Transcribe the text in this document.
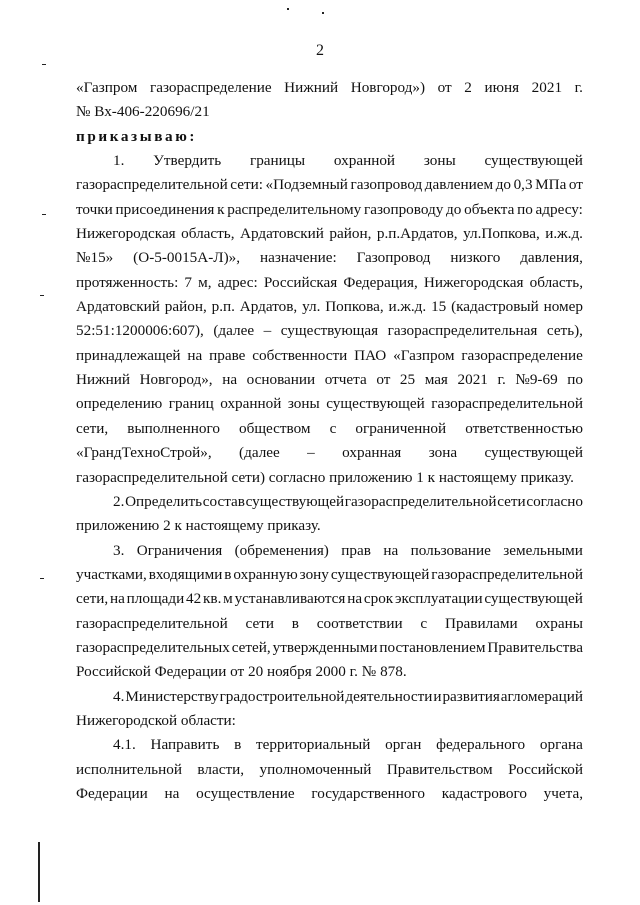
2
«Газпром газораспределение Нижний Новгород») от 2 июня 2021 г.
№ Вх-406-220696/21
приказываю:
1. Утвердить границы охранной зоны существующей
газораспределительной сети: «Подземный газопровод давлением до 0,3 МПа от
точки присоединения к распределительному газопроводу до объекта по адресу:
Нижегородская область, Ардатовский район, р.п.Ардатов, ул.Попкова, и.ж.д.
№15» (О-5-0015А-Л)», назначение: Газопровод низкого давления,
протяженность: 7 м, адрес: Российская Федерация, Нижегородская область,
Ардатовский район, р.п. Ардатов, ул. Попкова, и.ж.д. 15 (кадастровый номер
52:51:1200006:607), (далее – существующая газораспределительная сеть),
принадлежащей на праве собственности ПАО «Газпром газораспределение
Нижний Новгород», на основании отчета от 25 мая 2021 г. №9-69 по
определению границ охранной зоны существующей газораспределительной
сети, выполненного обществом с ограниченной ответственностью
«ГрандТехноСтрой», (далее – охранная зона существующей
газораспределительной сети) согласно приложению 1 к настоящему приказу.
2. Определить состав существующей газораспределительной сети согласно
приложению 2 к настоящему приказу.
3. Ограничения (обременения) прав на пользование земельными
участками, входящими в охранную зону существующей газораспределительной
сети, на площади 42 кв. м устанавливаются на срок эксплуатации существующей
газораспределительной сети в соответствии с Правилами охраны
газораспределительных сетей, утвержденными постановлением Правительства
Российской Федерации от 20 ноября 2000 г. № 878.
4. Министерству градостроительной деятельности и развития агломераций
Нижегородской области:
4.1. Направить в территориальный орган федерального органа
исполнительной власти, уполномоченный Правительством Российской
Федерации на осуществление государственного кадастрового учета,
